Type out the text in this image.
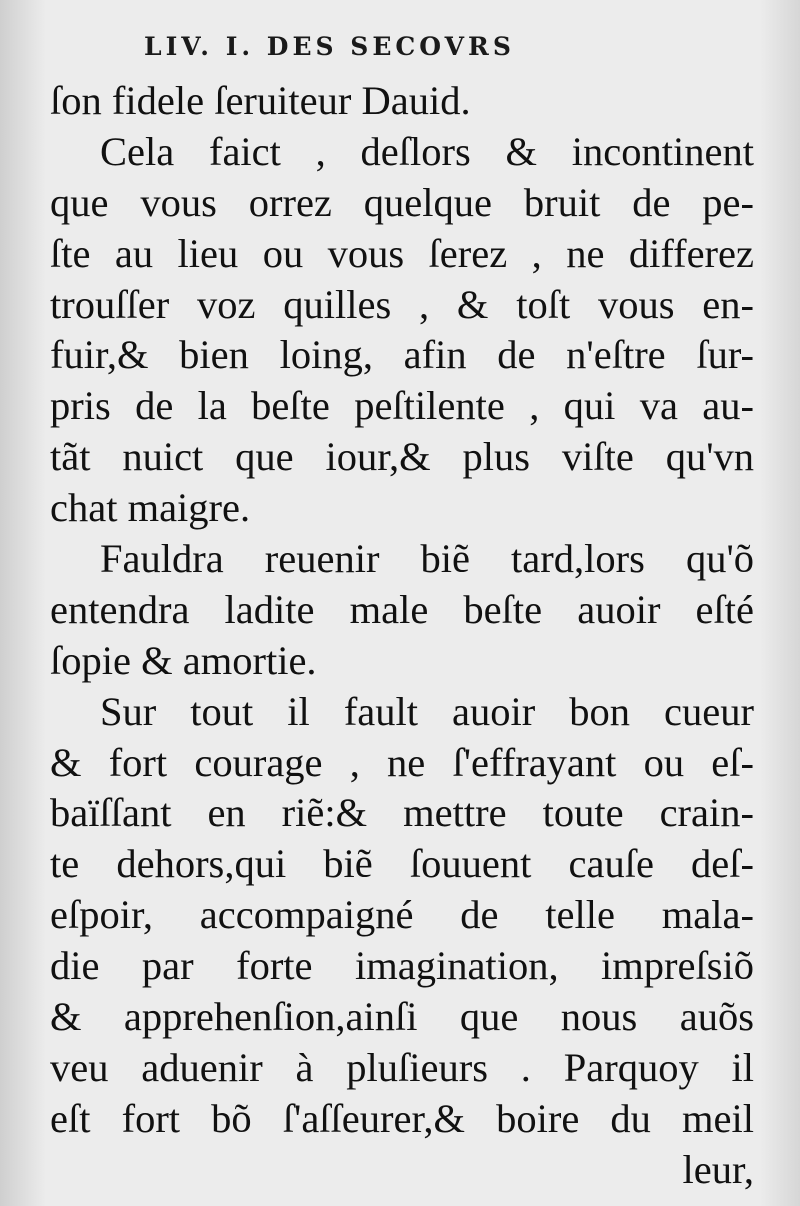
LIV. I. DES SECOVRS
ſon fidele ſeruiteur Dauid.
Cela faict , deſlors & incontinent
que vous orrez quelque bruit de pe-
ſte au lieu ou vous ſerez , ne differez
trouſſer voz quilles , & toſt vous en-
fuir,& bien loing, afin de n'eſtre ſur-
pris de la beſte peſtilente , qui va au-
tãt nuict que iour,& plus viſte qu'vn
chat maigre.
Fauldra reuenir biẽ tard,lors qu'õ
entendra ladite male beſte auoir eſté
ſopie & amortie.
Sur tout il fault auoir bon cueur
& fort courage , ne ſ'effrayant ou eſ-
baïſſant en riẽ:& mettre toute crain-
te dehors,qui biẽ ſouuent cauſe deſ-
eſpoir, accompaigné de telle mala-
die par forte imagination, impreſsiõ
& apprehenſion,ainſi que nous auõs
veu aduenir à pluſieurs . Parquoy il
eſt fort bõ ſ'aſſeurer,& boire du meil
leur,
